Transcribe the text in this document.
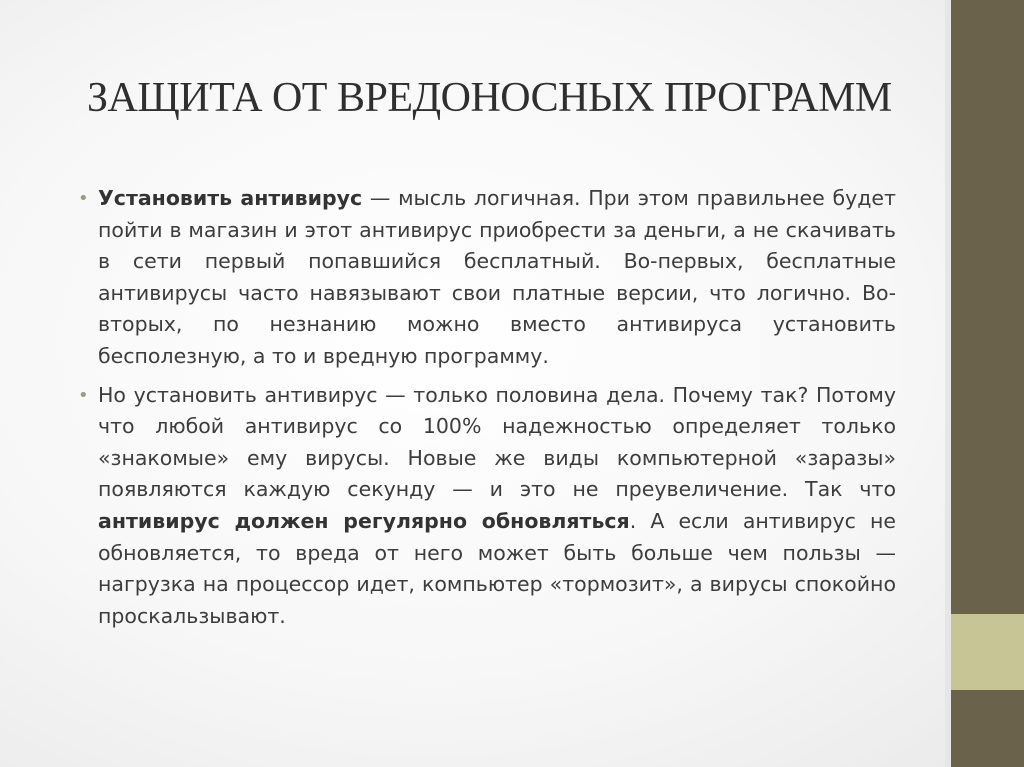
ЗАЩИТА ОТ ВРЕДОНОСНЫХ ПРОГРАММ
• Установить антивирус — мысль логичная. При этом правильнее будет пойти в магазин и этот антивирус приобрести за деньги, а не скачивать в сети первый попавшийся бесплатный. Во-первых, бесплатные антивирусы часто навязывают свои платные версии, что логично. Во-вторых, по незнанию можно вместо антивируса установить бесполезную, а то и вредную программу.
• Но установить антивирус — только половина дела. Почему так? Потому что любой антивирус со 100% надежностью определяет только «знакомые» ему вирусы. Новые же виды компьютерной «заразы» появляются каждую секунду — и это не преувеличение. Так что антивирус должен регулярно обновляться. А если антивирус не обновляется, то вреда от него может быть больше чем пользы — нагрузка на процессор идет, компьютер «тормозит», а вирусы спокойно проскальзывают.
